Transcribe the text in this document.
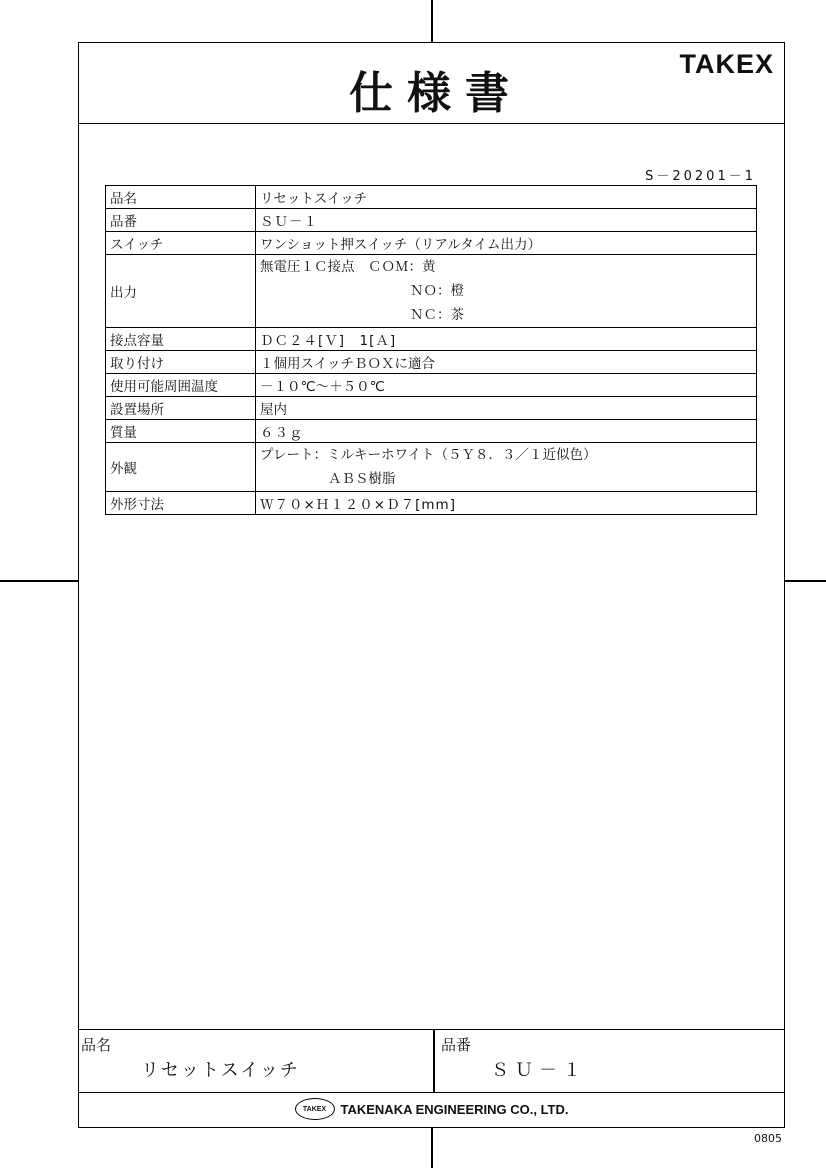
仕様書
TAKEX
S－20201－1
品名	リセットスイッチ
品番	ＳＵ－１
スイッチ	ワンショット押スイッチ（リアルタイム出力）
出力	無電圧１Ｃ接点　ＣＯＭ：黄
ＮＯ：橙
ＮＣ：茶

接点容量	ＤＣ２４[Ｖ]　1[Ａ]
取り付け	１個用スイッチＢＯＸに適合
使用可能周囲温度	－１０℃～＋５０℃
設置場所	屋内
質量	６３ｇ
外観	プレート：ミルキーホワイト（５Ｙ８．３／１近似色）
ＡＢＳ樹脂

外形寸法	Ｗ７０×Ｈ１２０×Ｄ７[mm]
品名
リセットスイッチ
品番
ＳＵ－１
TAKEX	TAKENAKA ENGINEERING CO., LTD.
0805
